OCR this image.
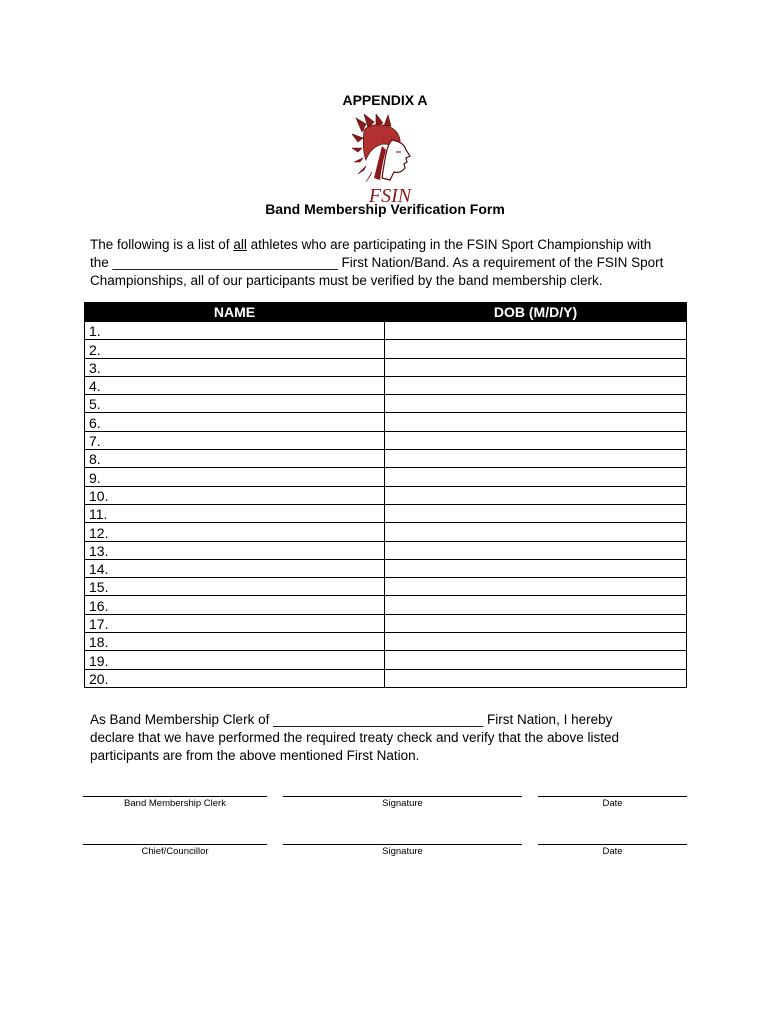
APPENDIX A
FSIN
Band Membership Verification Form
The following is a list of all athletes who are participating in the FSIN Sport Championship with
the ______________________________ First Nation/Band. As a requirement of the FSIN Sport
Championships, all of our participants must be verified by the band membership clerk.
NAME	DOB (M/D/Y)
1.	
2.	
3.	
4.	
5.	
6.	
7.	
8.	
9.	
10.	
11.	
12.	
13.	
14.	
15.	
16.	
17.	
18.	
19.	
20.	
As Band Membership Clerk of ____________________________ First Nation, I hereby
declare that we have performed the required treaty check and verify that the above listed
participants are from the above mentioned First Nation.
Band Membership Clerk	Signature	Date
Chief/Councillor	Signature	Date
